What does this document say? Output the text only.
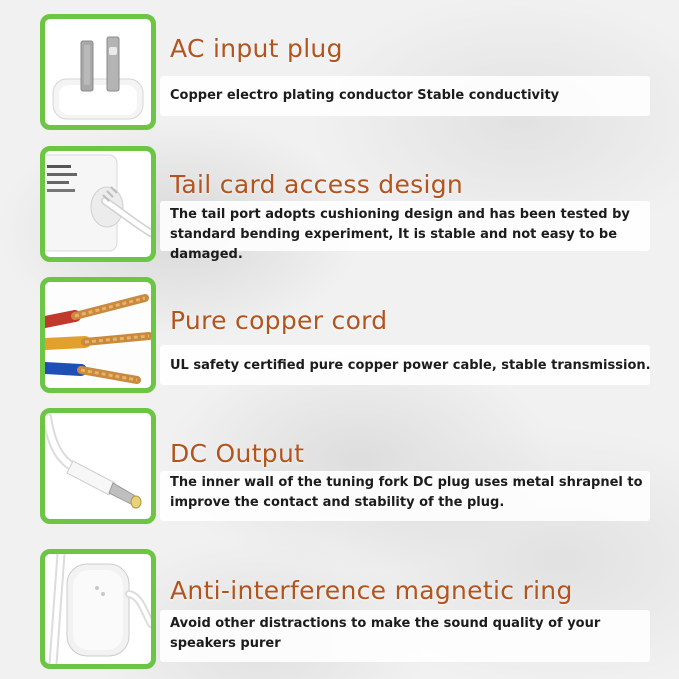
AC input plug

Copper electro plating conductor Stable conductivity

Tail card access design

The tail port adopts cushioning design and has been tested by standard bending experiment, It is stable and not easy to be damaged.

Pure copper cord

UL safety certified pure copper power cable, stable transmission.

DC Output

The inner wall of the tuning fork DC plug uses metal shrapnel to improve the contact and stability of the plug.

Anti-interference magnetic ring

Avoid other distractions to make the sound quality of your speakers purer
